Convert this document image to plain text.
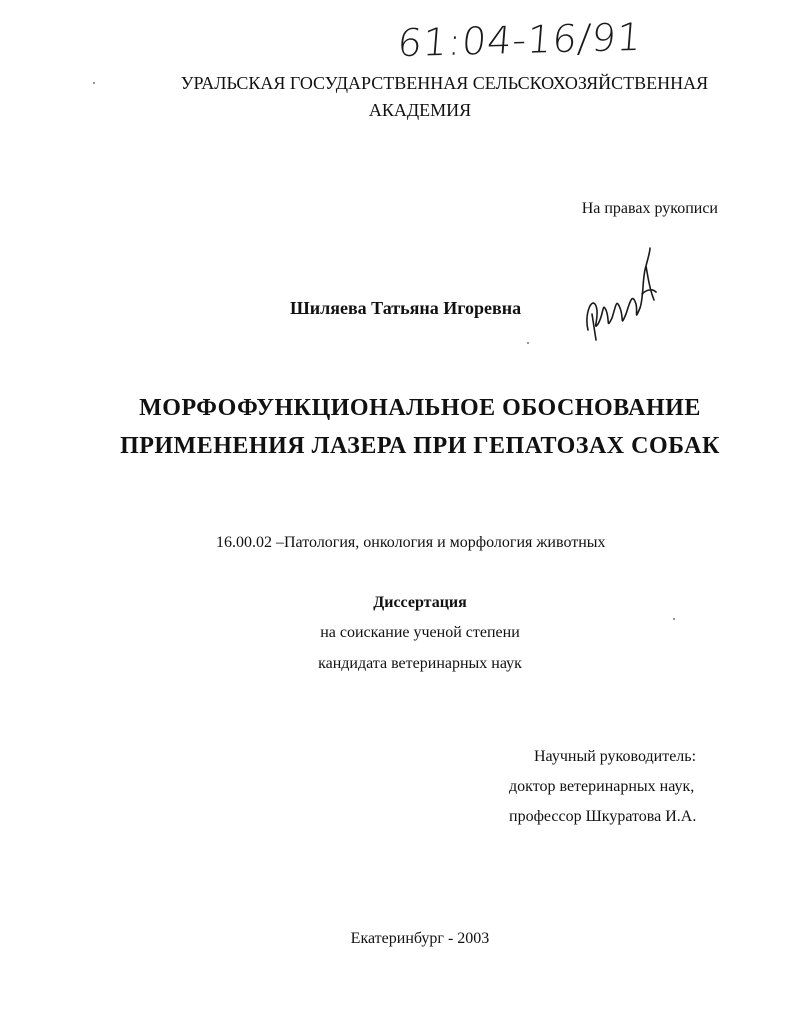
61:04-16/91
УРАЛЬСКАЯ ГОСУДАРСТВЕННАЯ СЕЛЬСКОХОЗЯЙСТВЕННАЯ
АКАДЕМИЯ
На правах рукописи
Шиляева Татьяна Игоревна
МОРФОФУНКЦИОНАЛЬНОЕ ОБОСНОВАНИЕ
ПРИМЕНЕНИЯ ЛАЗЕРА ПРИ ГЕПАТОЗАХ СОБАК
16.00.02 –Патология, онкология и морфология животных
Диссертация
на соискание ученой степени
кандидата ветеринарных наук
Научный руководитель:
доктор ветеринарных наук,
профессор Шкуратова И.А.
Екатеринбург - 2003
